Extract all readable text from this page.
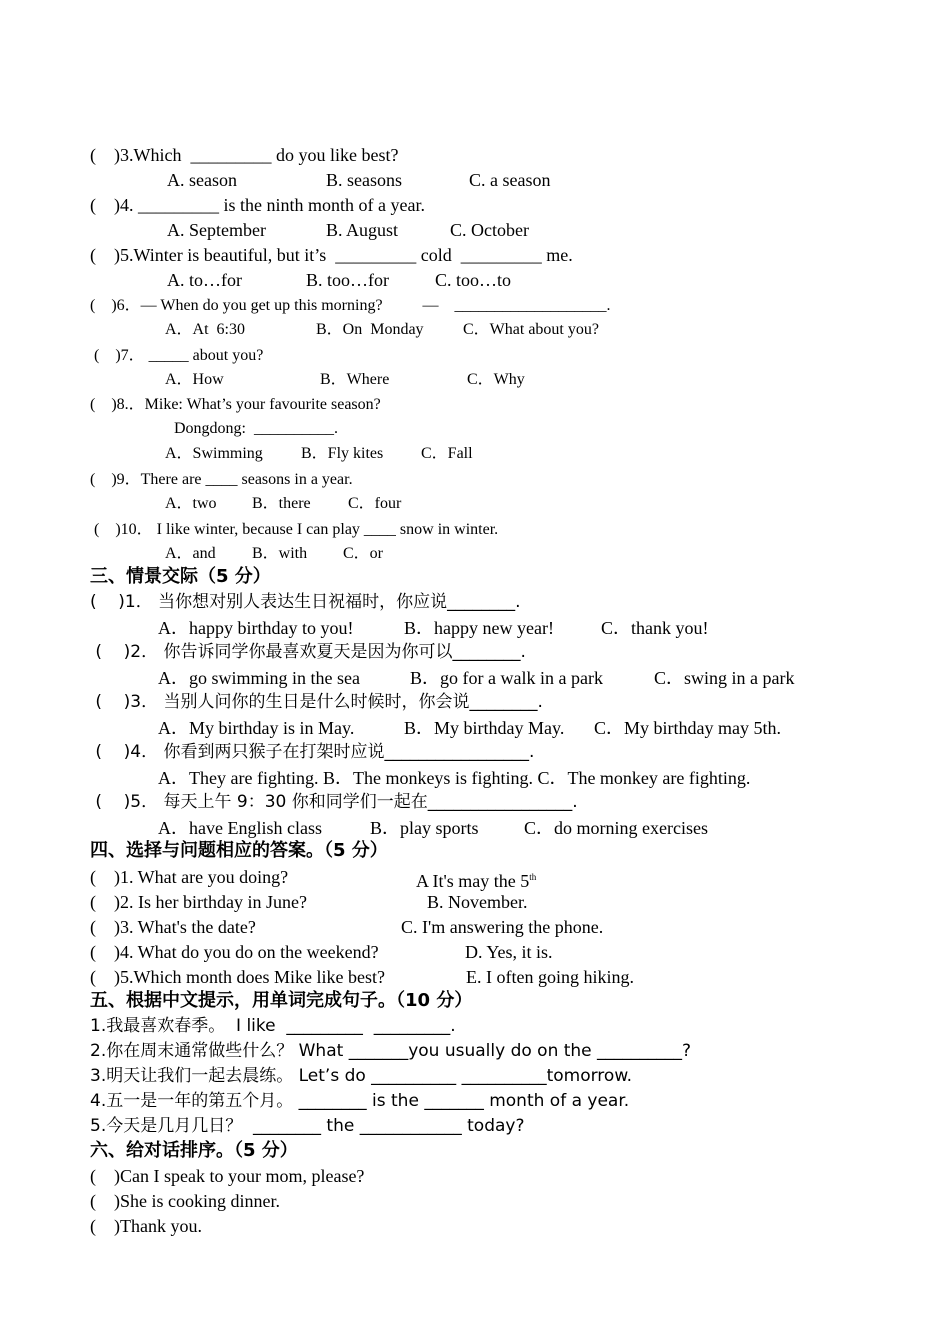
(    )3.Which  _________ do you like best?
A. season	B. seasons	C. a season
(    )4. _________ is the ninth month of a year.
A. September	B. August	C. October
(    )5.Winter is beautiful, but it’s  _________ cold  _________ me.
A. to…for	B. too…for	C. too…to
(    )6．— When do you get up this morning?          —    ___________________.
A．At  6:30	B．On  Monday C．What about you?
(    )7． _____ about you?
A．How	B．Where	C．Why
(    )8.．Mike: What’s your favourite season?
Dongdong:  __________.
A．Swimming B．Fly kites C．Fall
(    )9．There are ____ seasons in a year.
A．two B．there C．four
(    )10． I like winter, because I can play ____ snow in winter.
A．and B．with C．or
三、情景交际（5 分）
(    )1． 当你想对别人表达生日祝福时，你应说________.
A．happy birthday to you!	B．happy new year!	C．thank you!
(    )2． 你告诉同学你最喜欢夏天是因为你可以________.
A．go swimming in the sea	B．go for a walk in a park	C．swing in a park
(    )3． 当别人问你的生日是什么时候时，你会说________.
A．My birthday is in May.	B．My birthday May. C．My birthday may 5th.
(    )4． 你看到两只猴子在打架时应说_________________.
A．They are fighting. B．The monkeys is fighting. C．The monkey are fighting.
(    )5． 每天上午 9：30 你和同学们一起在_________________.
A．have English class	B．play sports	C．do morning exercises
四、选择与问题相应的答案。（5 分）
(    )1. What are you doing?	A It's may the 5th
(    )2. Is her birthday in June?	B. November.
(    )3. What's the date?	C. I'm answering the phone.
(    )4. What do you do on the weekend?	D. Yes, it is.
(    )5.Which month does Mike like best?	E. I often going hiking.
五、根据中文提示，用单词完成句子。（10 分）
1.我最喜欢春季。  I like  _________  _________.
2.你在周末通常做些什么？ What _______you usually do on the __________?
3.明天让我们一起去晨练。 Let’s do __________ __________tomorrow.
4.五一是一年的第五个月。 ________ is the _______ month of a year.
5.今天是几月几日？  ________ the ____________ today?
六、给对话排序。（5 分）
(    )Can I speak to your mom, please?
(    )She is cooking dinner.
(    )Thank you.
